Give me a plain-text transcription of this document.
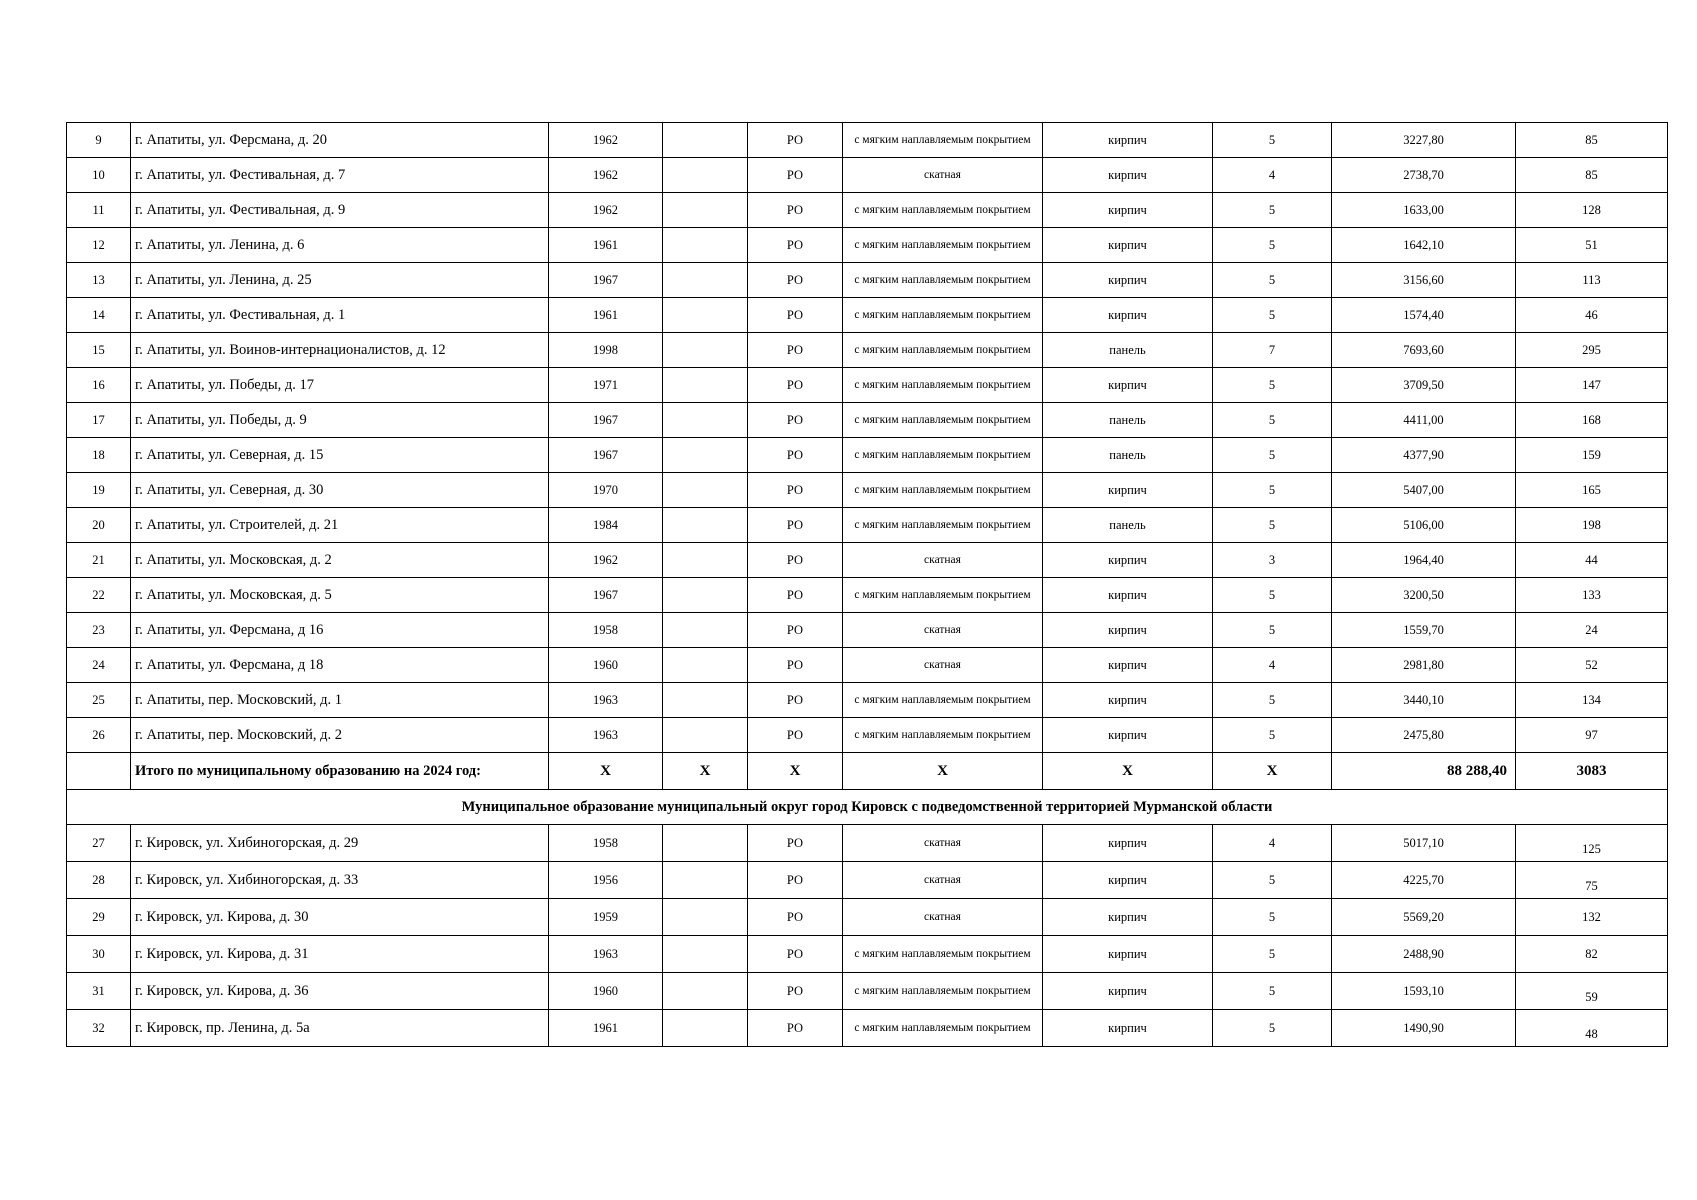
9	г. Апатиты, ул. Ферсмана, д. 20	1962		РО	с мягким наплавляемым покрытием	кирпич	5	3227,80	85
10	г. Апатиты, ул. Фестивальная, д. 7	1962		РО	скатная	кирпич	4	2738,70	85
11	г. Апатиты, ул. Фестивальная, д. 9	1962		РО	с мягким наплавляемым покрытием	кирпич	5	1633,00	128
12	г. Апатиты, ул. Ленина, д. 6	1961		РО	с мягким наплавляемым покрытием	кирпич	5	1642,10	51
13	г. Апатиты, ул. Ленина, д. 25	1967		РО	с мягким наплавляемым покрытием	кирпич	5	3156,60	113
14	г. Апатиты, ул. Фестивальная, д. 1	1961		РО	с мягким наплавляемым покрытием	кирпич	5	1574,40	46
15	г. Апатиты, ул. Воинов-интернационалистов, д. 12	1998		РО	с мягким наплавляемым покрытием	панель	7	7693,60	295
16	г. Апатиты, ул. Победы, д. 17	1971		РО	с мягким наплавляемым покрытием	кирпич	5	3709,50	147
17	г. Апатиты, ул. Победы, д. 9	1967		РО	с мягким наплавляемым покрытием	панель	5	4411,00	168
18	г. Апатиты, ул. Северная, д. 15	1967		РО	с мягким наплавляемым покрытием	панель	5	4377,90	159
19	г. Апатиты, ул. Северная, д. 30	1970		РО	с мягким наплавляемым покрытием	кирпич	5	5407,00	165
20	г. Апатиты, ул. Строителей, д. 21	1984		РО	с мягким наплавляемым покрытием	панель	5	5106,00	198
21	г. Апатиты, ул. Московская, д. 2	1962		РО	скатная	кирпич	3	1964,40	44
22	г. Апатиты, ул. Московская, д. 5	1967		РО	с мягким наплавляемым покрытием	кирпич	5	3200,50	133
23	г. Апатиты, ул. Ферсмана, д 16	1958		РО	скатная	кирпич	5	1559,70	24
24	г. Апатиты, ул. Ферсмана, д 18	1960		РО	скатная	кирпич	4	2981,80	52
25	г. Апатиты, пер. Московский, д. 1	1963		РО	с мягким наплавляемым покрытием	кирпич	5	3440,10	134
26	г. Апатиты, пер. Московский, д. 2	1963		РО	с мягким наплавляемым покрытием	кирпич	5	2475,80	97
	Итого по муниципальному образованию на 2024 год:	Х	Х	Х	Х	Х	Х	88 288,40	3083
Муниципальное образование муниципальный округ город Кировск с подведомственной территорией Мурманской области									
27	г. Кировск, ул. Хибиногорская, д. 29	1958		РО	скатная	кирпич	4	5017,10	125
28	г. Кировск, ул. Хибиногорская, д. 33	1956		РО	скатная	кирпич	5	4225,70	75
29	г. Кировск, ул. Кирова, д. 30	1959		РО	скатная	кирпич	5	5569,20	132
30	г. Кировск, ул. Кирова, д. 31	1963		РО	с мягким наплавляемым покрытием	кирпич	5	2488,90	82
31	г. Кировск, ул. Кирова, д. 36	1960		РО	с мягким наплавляемым покрытием	кирпич	5	1593,10	59
32	г. Кировск, пр. Ленина, д. 5а	1961		РО	с мягким наплавляемым покрытием	кирпич	5	1490,90	48
